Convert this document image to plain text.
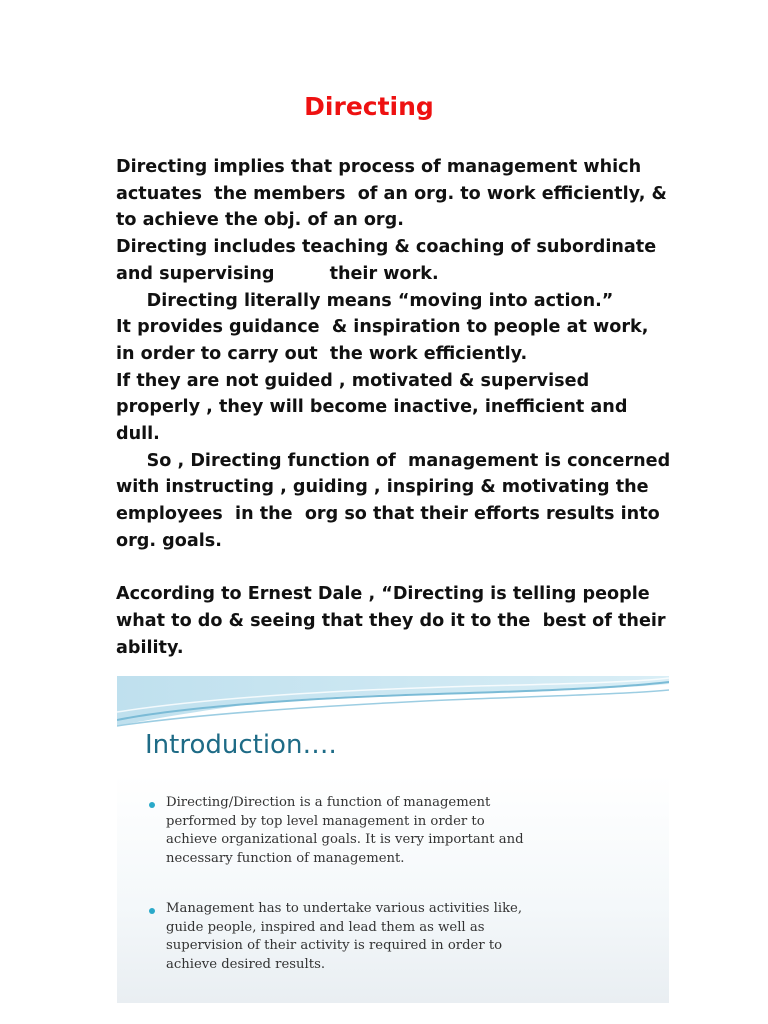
Directing
Directing implies that process of management which
actuates  the members  of an org. to work efficiently, &
to achieve the obj. of an org.
Directing includes teaching & coaching of subordinate
and supervising         their work.
Directing literally means “moving into action.”
It provides guidance  & inspiration to people at work,
in order to carry out  the work efficiently.
If they are not guided , motivated & supervised
properly , they will become inactive, inefficient and
dull.
So , Directing function of  management is concerned
with instructing , guiding , inspiring & motivating the
employees  in the  org so that their efforts results into
org. goals.
According to Ernest Dale , “Directing is telling people
what to do & seeing that they do it to the  best of their
ability.
Introduction….
Directing/Direction is a function of management
performed by top level management in order to
achieve organizational goals. It is very important and
necessary function of management.
Management has to undertake various activities like,
guide people, inspired and lead them as well as
supervision of their activity is required in order to
achieve desired results.
